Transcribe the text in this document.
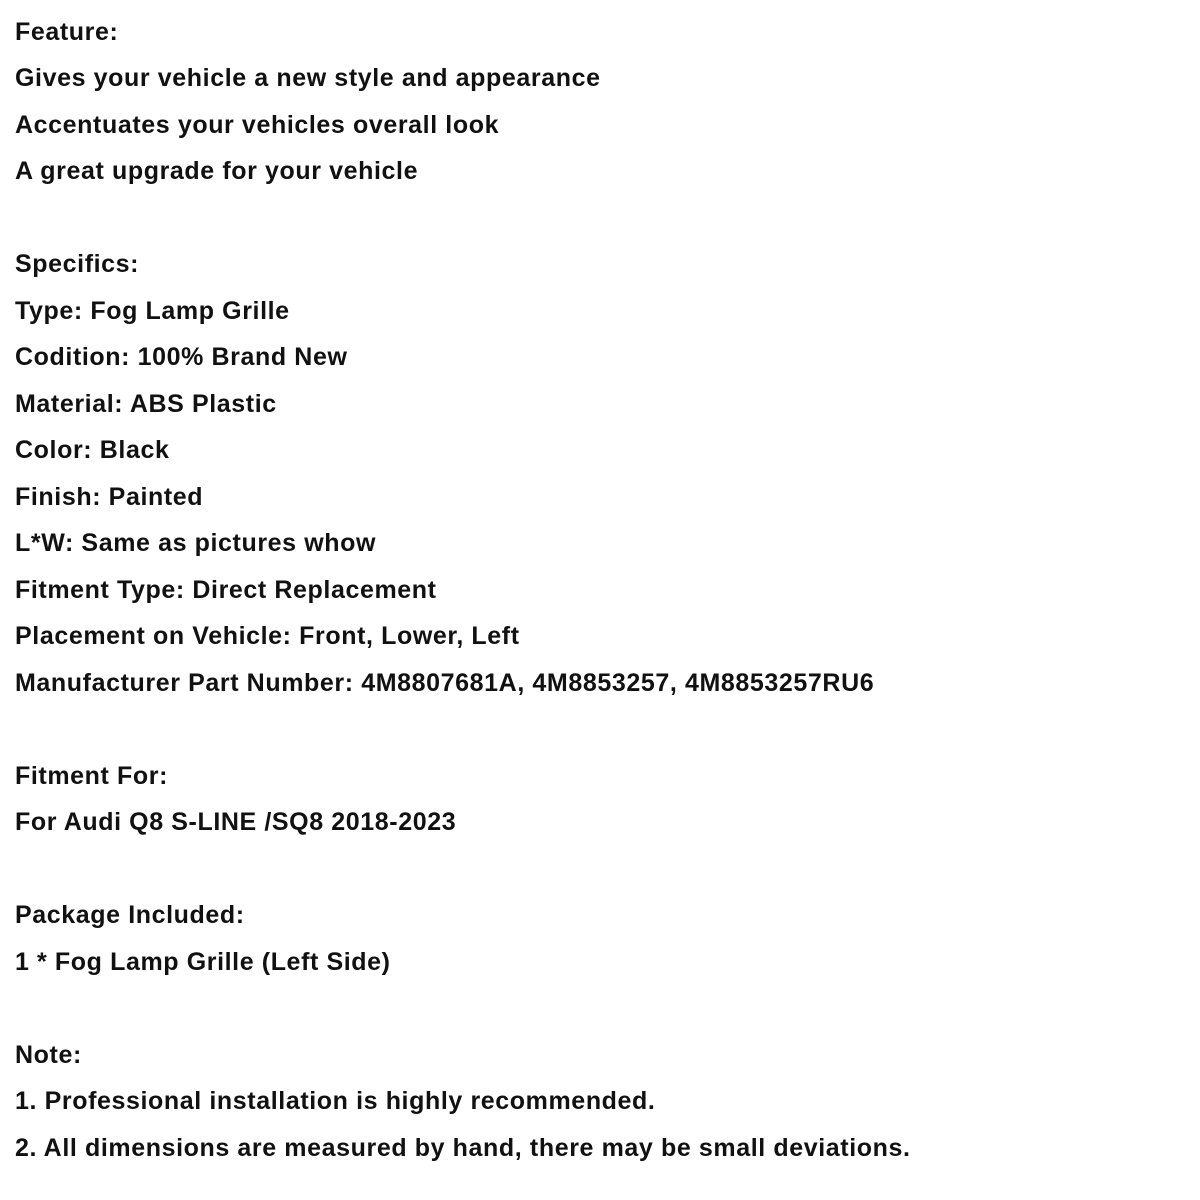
Feature:
Gives your vehicle a new style and appearance
Accentuates your vehicles overall look
A great upgrade for your vehicle
Specifics:
Type: Fog Lamp Grille
Codition: 100% Brand New
Material: ABS Plastic
Color: Black
Finish: Painted
L*W: Same as pictures whow
Fitment Type: Direct Replacement
Placement on Vehicle: Front, Lower, Left
Manufacturer Part Number: 4M8807681A, 4M8853257, 4M8853257RU6
Fitment For:
For Audi Q8 S-LINE /SQ8 2018-2023
Package Included:
1 * Fog Lamp Grille (Left Side)
Note:
1. Professional installation is highly recommended.
2. All dimensions are measured by hand, there may be small deviations.
